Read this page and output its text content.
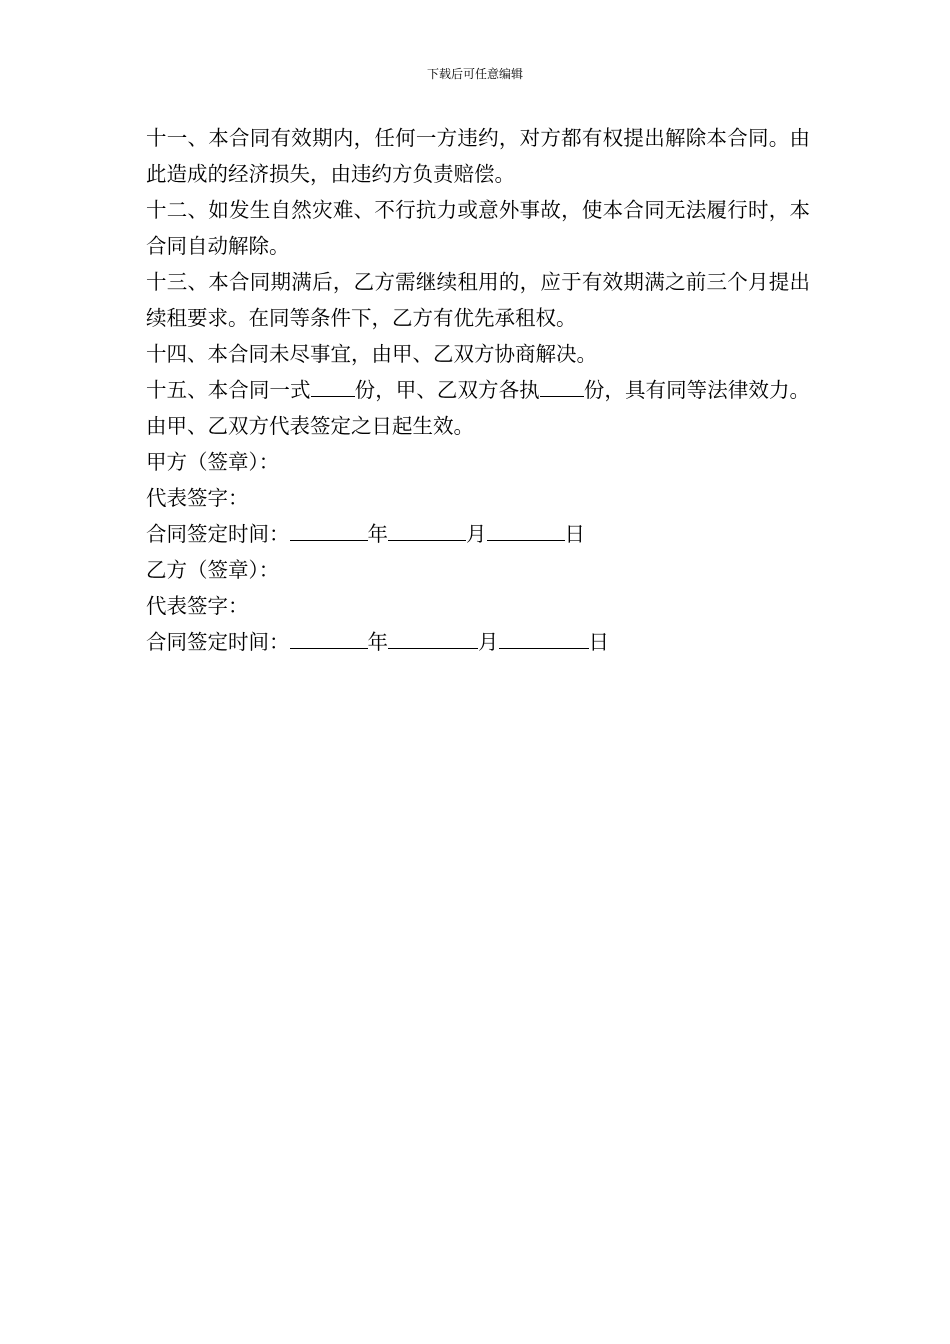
下载后可任意编辑

十一、本合同有效期内，任何一方违约，对方都有权提出解除本合同。由此造成的经济损失，由违约方负责赔偿。

十二、如发生自然灾难、不行抗力或意外事故，使本合同无法履行时，本合同自动解除。

十三、本合同期满后，乙方需继续租用的，应于有效期满之前三个月提出续租要求。在同等条件下，乙方有优先承租权。

十四、本合同未尽事宜，由甲、乙双方协商解决。

十五、本合同一式 份，甲、乙双方各执 份，具有同等法律效力。由甲、乙双方代表签定之日起生效。

甲方（签章）：

代表签字：

合同签定时间：	年	月	日

乙方（签章）：

代表签字：

合同签定时间：	年	月	日
